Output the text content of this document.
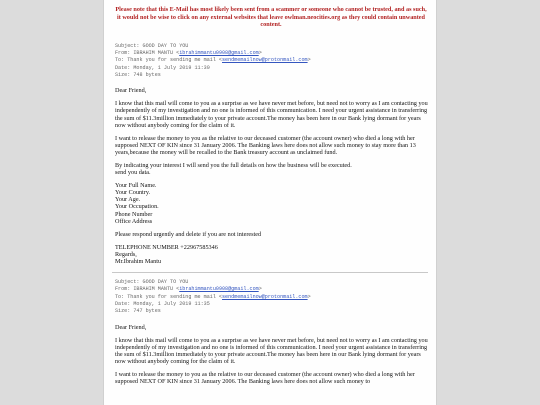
Please note that this E-Mail has most likely been sent from a scammer or someone who cannot be trusted, and as such, it would not be wise to click on any external websites that leave owlman.neocities.org as they could contain unwanted content.
Subject: GOOD DAY TO YOU
From: IBRAHIM MANTU <ibrahimmantu0908@gmail.com>
To: Thank you for sending me mail <sendmemailnow@protonmail.com>
Date: Monday, 1 July 2019 11:30
Size: 748 bytes

Dear Friend,

I know that this mail will come to you as a surprise as we have never met before, but need not to worry as I am contacting you independently of my investigation and no one is informed of this communication. I need your urgent assistance in transferring the sum of $11.3million immediately to your private account.The money has been here in our Bank lying dormant for years now without anybody coming for the claim of it.

I want to release the money to you as the relative to our deceased customer (the account owner) who died a long with her supposed NEXT OF KIN since 31 January 2006. The Banking laws here does not allow such money to stay more than 13 years,because the money will be recalled to the Bank treasury account as unclaimed fund.

By indicating your interest I will send you the full details on how the business will be executed.
send you data.

Your Full Name.
Your Country.
Your Age.
Your Occupation.
Phone Number
Office Address

Please respond urgently and delete if you are not interested

TELEPHONE NUMBER +22967585346
Regards,
Mr.Ibrahim Mantu

Subject: GOOD DAY TO YOU
From: IBRAHIM MANTU <ibrahimmantu0908@gmail.com>
To: Thank you for sending me mail <sendmemailnow@protonmail.com>
Date: Monday, 1 July 2019 11:35
Size: 747 bytes

Dear Friend,

I know that this mail will come to you as a surprise as we have never met before, but need not to worry as I am contacting you independently of my investigation and no one is informed of this communication. I need your urgent assistance in transferring the sum of $11.3million immediately to your private account.The money has been here in our Bank lying dormant for years now without anybody coming for the claim of it.

I want to release the money to you as the relative to our deceased customer (the account owner) who died a long with her supposed NEXT OF KIN since 31 January 2006. The Banking laws here does not allow such money to
